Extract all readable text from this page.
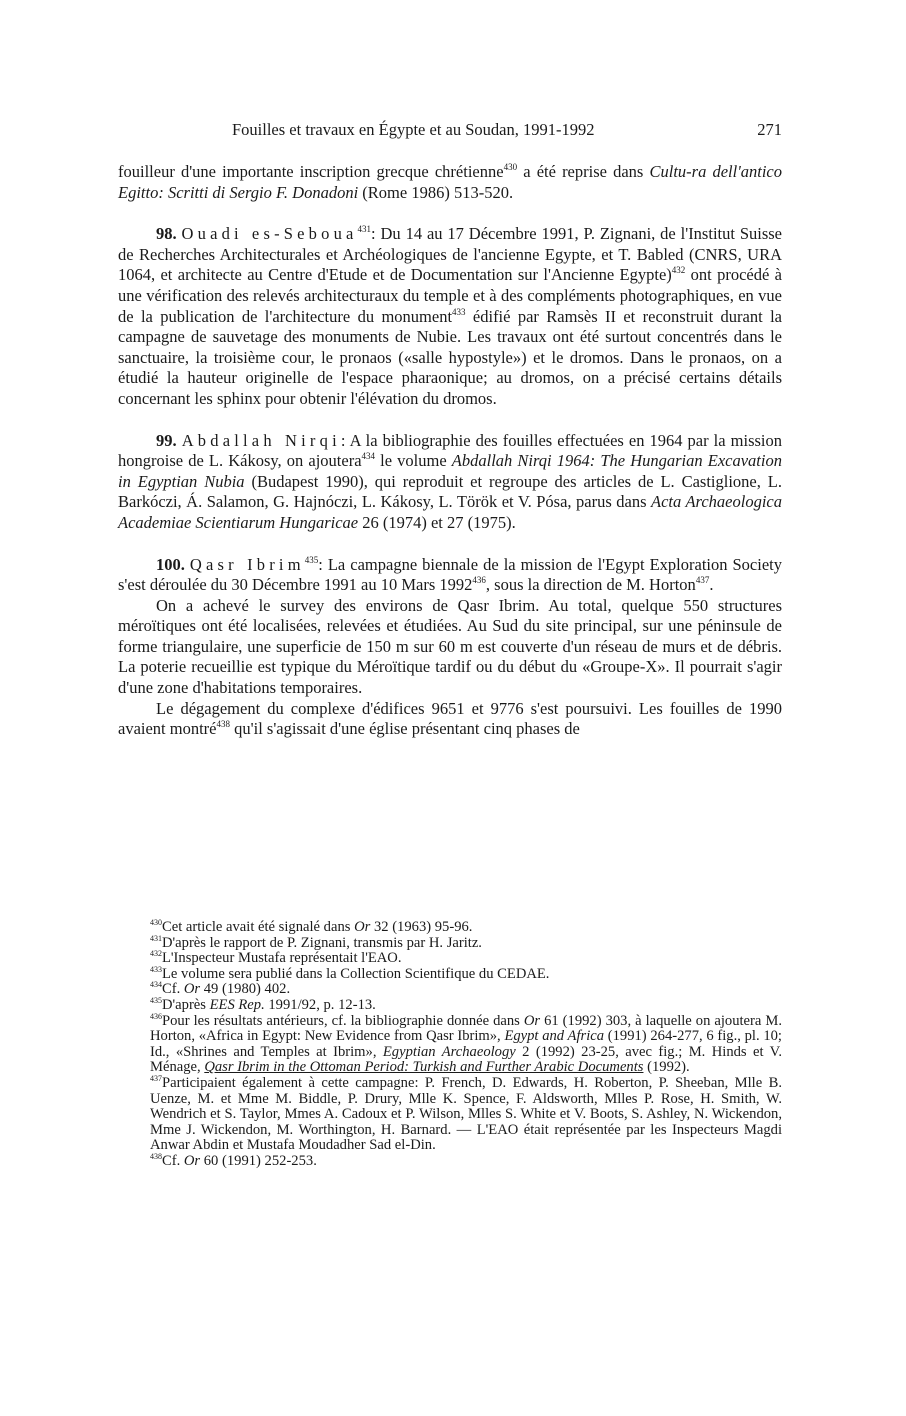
Fouilles et travaux en Égypte et au Soudan, 1991-1992	271

fouilleur d'une importante inscription grecque chrétienne$^{430}$ a été reprise dans Cultu-ra dell'antico Egitto: Scritti di Sergio F. Donadoni (Rome 1986) 513-520.

98. Ouadi es-Seboua$^{431}$: Du 14 au 17 Décembre 1991, P. Zignani, de l'Institut Suisse de Recherches Architecturales et Archéologiques de l'ancienne Egypte, et T. Babled (CNRS, URA 1064, et architecte au Centre d'Etude et de Documentation sur l'Ancienne Egypte)$^{432}$ ont procédé à une vérification des relevés architecturaux du temple et à des compléments photographiques, en vue de la publication de l'architecture du monument$^{433}$ édifié par Ramsès II et reconstruit durant la campagne de sauvetage des monuments de Nubie. Les travaux ont été surtout concentrés dans le sanctuaire, la troisième cour, le pronaos («salle hypostyle») et le dromos. Dans le pronaos, on a étudié la hauteur originelle de l'espace pharaonique; au dromos, on a précisé certains détails concernant les sphinx pour obtenir l'élévation du dromos.

99. Abdallah Nirqi: A la bibliographie des fouilles effectuées en 1964 par la mission hongroise de L. Kákosy, on ajoutera$^{434}$ le volume Abdallah Nirqi 1964: The Hungarian Excavation in Egyptian Nubia (Budapest 1990), qui reproduit et regroupe des articles de L. Castiglione, L. Barkóczi, Á. Salamon, G. Hajnóczi, L. Kákosy, L. Török et V. Pósa, parus dans Acta Archaeologica Academiae Scientiarum Hungaricae 26 (1974) et 27 (1975).

100. Qasr Ibrim$^{435}$: La campagne biennale de la mission de l'Egypt Exploration Society s'est déroulée du 30 Décembre 1991 au 10 Mars 1992$^{436}$, sous la direction de M. Horton$^{437}$.

On a achevé le survey des environs de Qasr Ibrim. Au total, quelque 550 structures méroïtiques ont été localisées, relevées et étudiées. Au Sud du site principal, sur une péninsule de forme triangulaire, une superficie de 150 m sur 60 m est couverte d'un réseau de murs et de débris. La poterie recueillie est typique du Méroïtique tardif ou du début du «Groupe-X». Il pourrait s'agir d'une zone d'habitations temporaires.

Le dégagement du complexe d'édifices 9651 et 9776 s'est poursuivi. Les fouilles de 1990 avaient montré$^{438}$ qu'il s'agissait d'une église présentant cinq phases de

$^{430}$Cet article avait été signalé dans Or 32 (1963) 95-96.

$^{431}$D'après le rapport de P. Zignani, transmis par H. Jaritz.

$^{432}$L'Inspecteur Mustafa représentait l'EAO.

$^{433}$Le volume sera publié dans la Collection Scientifique du CEDAE.

$^{434}$Cf. Or 49 (1980) 402.

$^{435}$D'après EES Rep. 1991/92, p. 12-13.

$^{436}$Pour les résultats antérieurs, cf. la bibliographie donnée dans Or 61 (1992) 303, à laquelle on ajoutera M. Horton, «Africa in Egypt: New Evidence from Qasr Ibrim», Egypt and Africa (1991) 264-277, 6 fig., pl. 10; Id., «Shrines and Temples at Ibrim», Egyptian Archaeology 2 (1992) 23-25, avec fig.; M. Hinds et V. Ménage, Qasr Ibrim in the Ottoman Period: Turkish and Further Arabic Documents (1992).

$^{437}$Participaient également à cette campagne: P. French, D. Edwards, H. Roberton, P. Sheeban, Mlle B. Uenze, M. et Mme M. Biddle, P. Drury, Mlle K. Spence, F. Aldsworth, Mlles P. Rose, H. Smith, W. Wendrich et S. Taylor, Mmes A. Cadoux et P. Wilson, Mlles S. White et V. Boots, S. Ashley, N. Wickendon, Mme J. Wickendon, M. Worthington, H. Barnard. — L'EAO était représentée par les Inspecteurs Magdi Anwar Abdin et Mustafa Moudadher Sad el-Din.

$^{438}$Cf. Or 60 (1991) 252-253.
